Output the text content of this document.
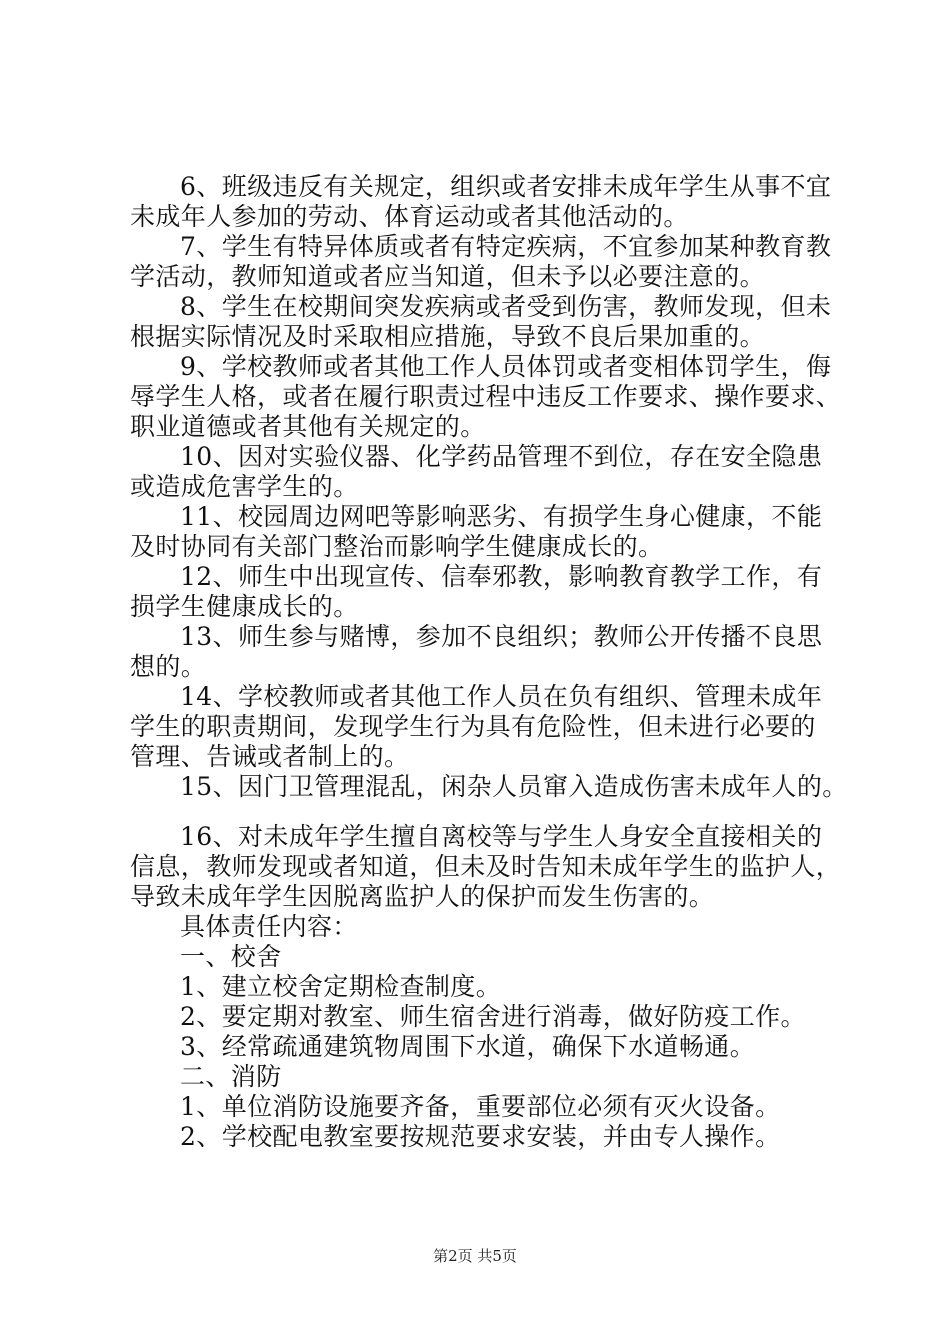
6、班级违反有关规定，组织或者安排未成年学生从事不宜
未成年人参加的劳动、体育运动或者其他活动的。
7、学生有特异体质或者有特定疾病，不宜参加某种教育教
学活动，教师知道或者应当知道，但未予以必要注意的。
8、学生在校期间突发疾病或者受到伤害，教师发现，但未
根据实际情况及时采取相应措施，导致不良后果加重的。
9、学校教师或者其他工作人员体罚或者变相体罚学生，侮
辱学生人格，或者在履行职责过程中违反工作要求、操作要求、
职业道德或者其他有关规定的。
10、因对实验仪器、化学药品管理不到位，存在安全隐患
或造成危害学生的。
11、校园周边网吧等影响恶劣、有损学生身心健康，不能
及时协同有关部门整治而影响学生健康成长的。
12、师生中出现宣传、信奉邪教，影响教育教学工作，有
损学生健康成长的。
13、师生参与赌博，参加不良组织；教师公开传播不良思
想的。
14、学校教师或者其他工作人员在负有组织、管理未成年
学生的职责期间，发现学生行为具有危险性，但未进行必要的
管理、告诫或者制上的。
15、因门卫管理混乱，闲杂人员窜入造成伤害未成年人的。
16、对未成年学生擅自离校等与学生人身安全直接相关的
信息，教师发现或者知道，但未及时告知未成年学生的监护人，
导致未成年学生因脱离监护人的保护而发生伤害的。
具体责任内容：
一、校舍
1、建立校舍定期检查制度。
2、要定期对教室、师生宿舍进行消毒，做好防疫工作。
3、经常疏通建筑物周围下水道，确保下水道畅通。
二、消防
1、单位消防设施要齐备，重要部位必须有灭火设备。
2、学校配电教室要按规范要求安装，并由专人操作。
第2页 共5页
